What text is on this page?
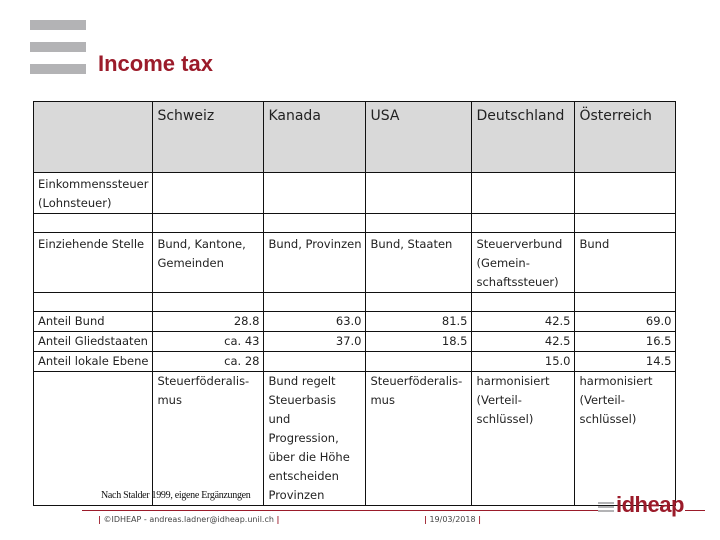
Income tax
	Schweiz	Kanada	USA	Deutschland	Österreich
Einkommenssteuer (Lohnsteuer)					

Einziehende Stelle	Bund, Kantone, Gemeinden	Bund, Provinzen	Bund, Staaten	Steuerverbund (Gemein-schaftssteuer)	Bund

Anteil Bund	28.8	63.0	81.5	42.5	69.0
Anteil Gliedstaaten	ca. 43	37.0	18.5	42.5	16.5
Anteil lokale Ebene	ca. 28			15.0	14.5
	Steuerföderalis-mus	Bund regelt Steuerbasis und Progression, über die Höhe entscheiden Provinzen	Steuerföderalis-mus	harmonisiert (Verteil-schlüssel)	harmonisiert (Verteil-schlüssel)
Nach Stalder 1999, eigene Ergänzungen
| ©IDHEAP - andreas.ladner@idheap.unil.ch |	| 19/03/2018 |
idheap
